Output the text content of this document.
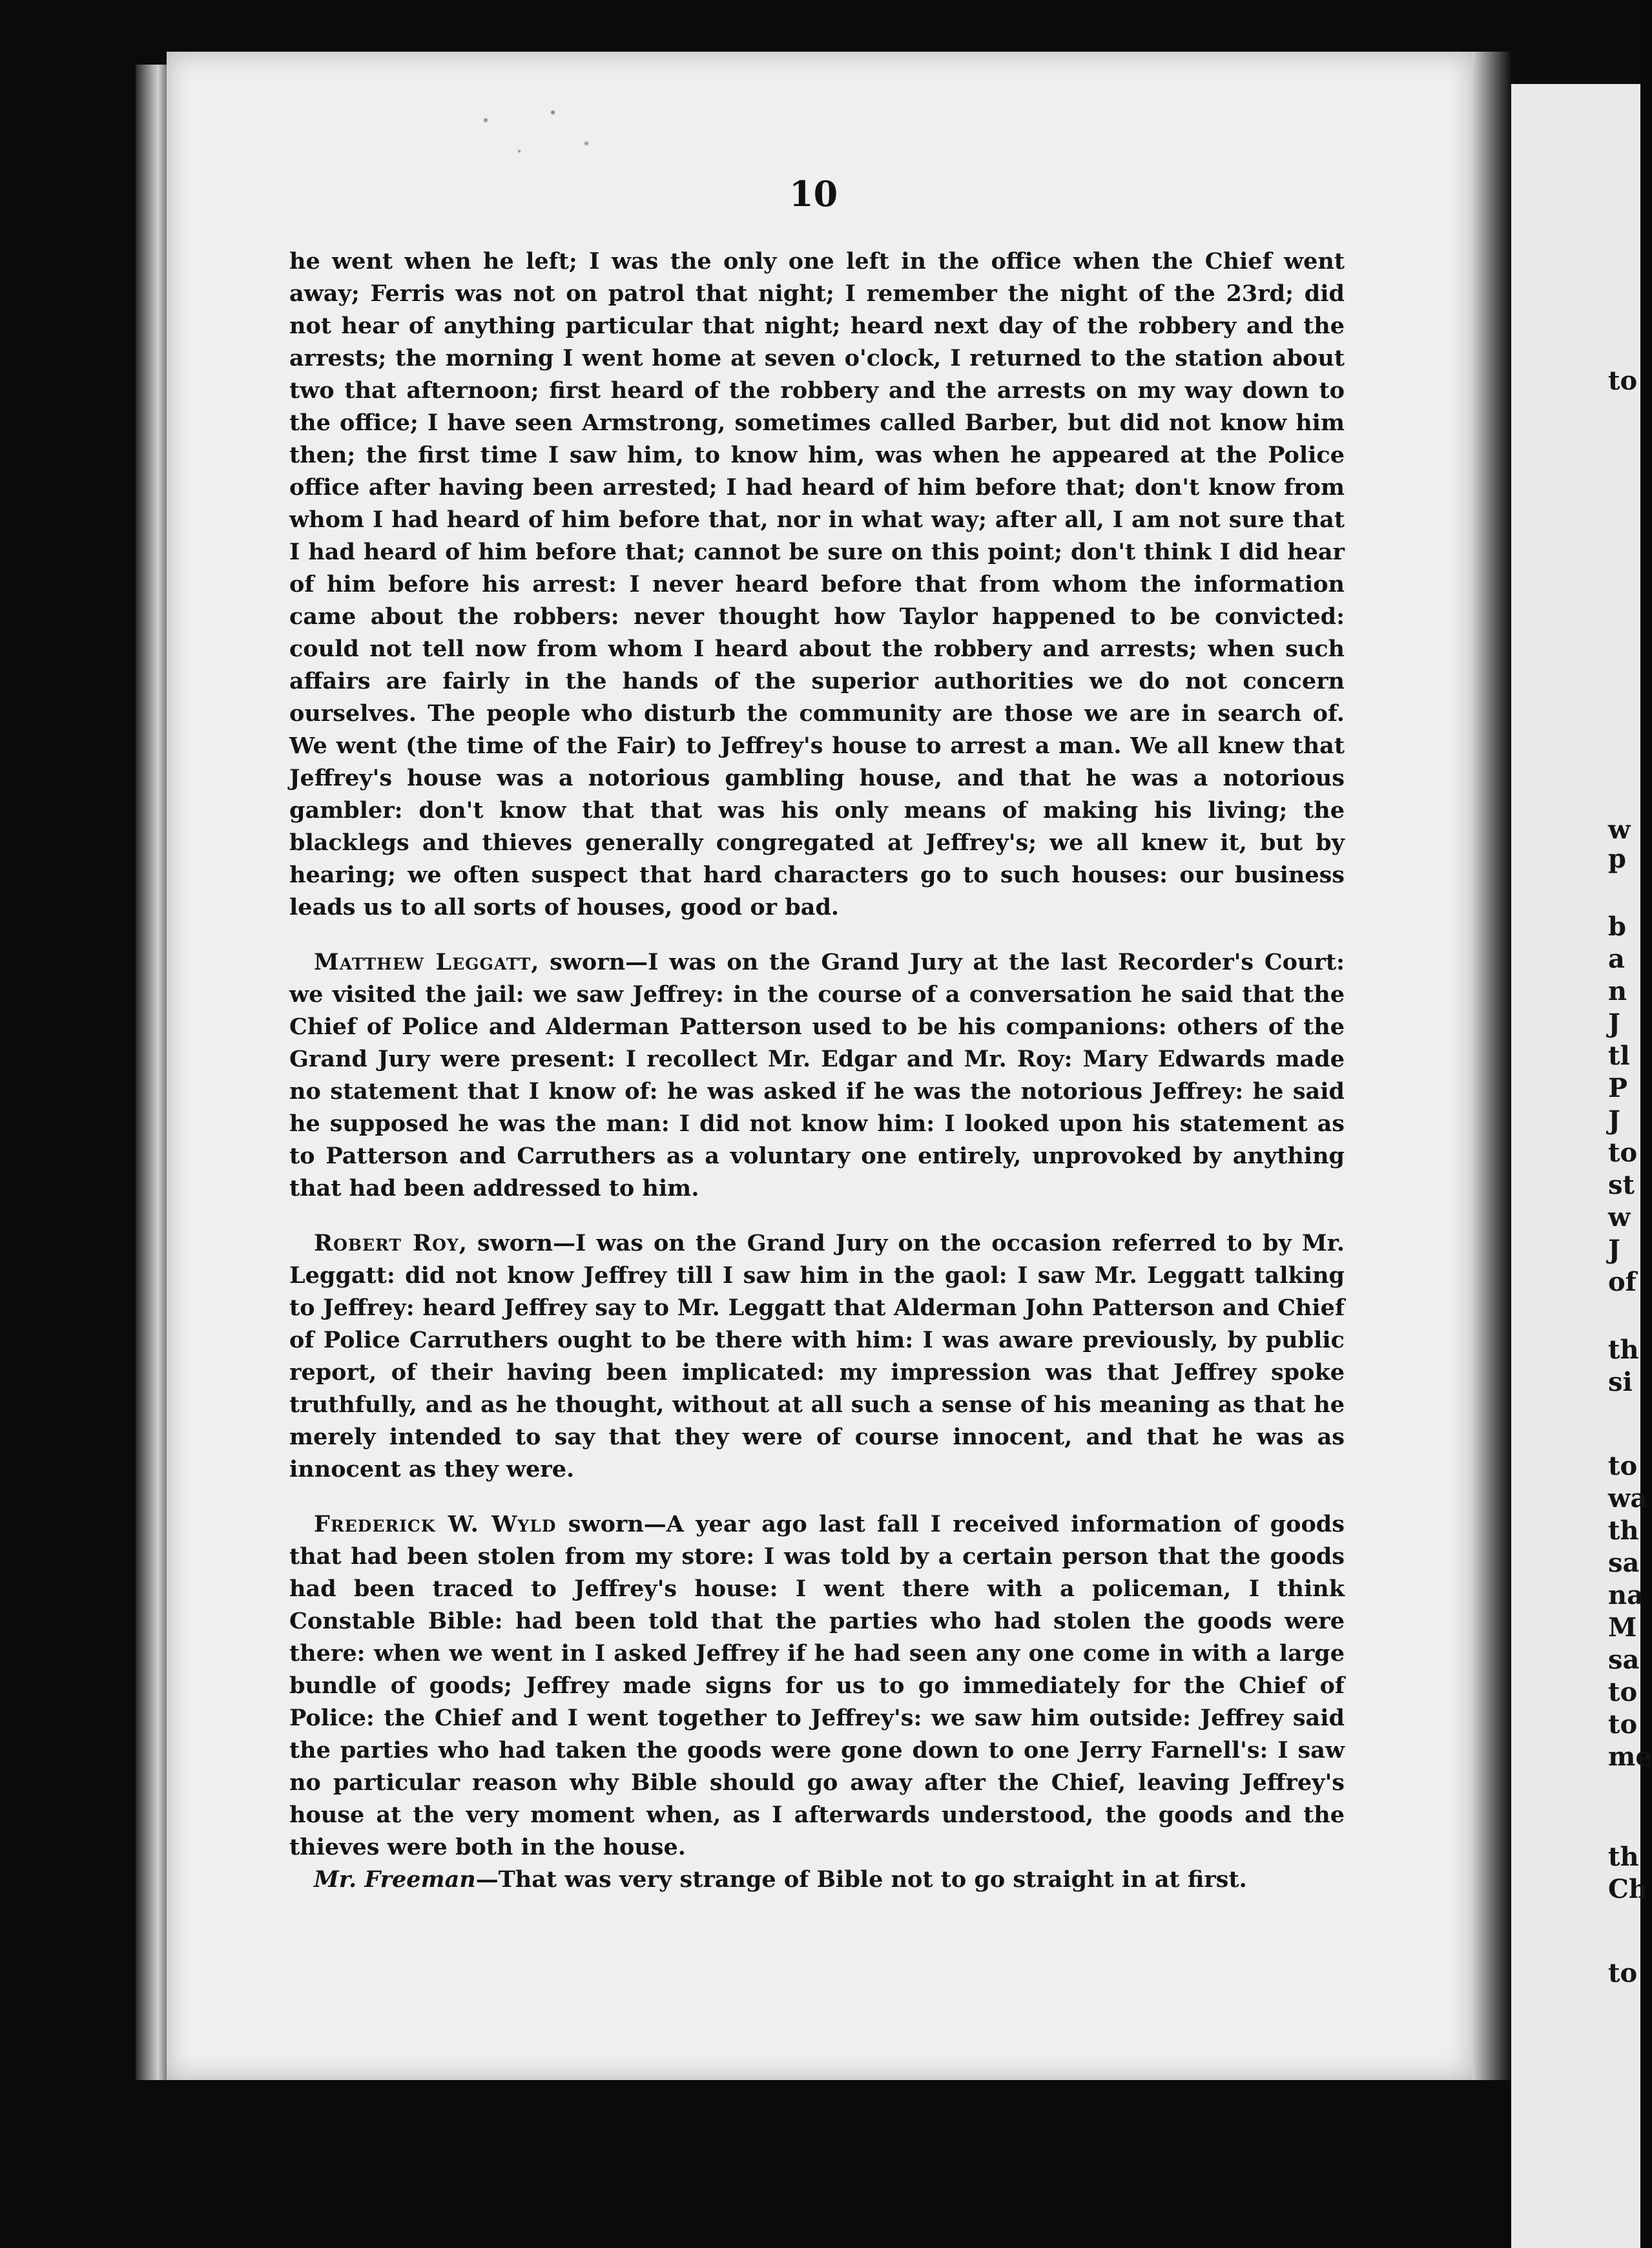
to
w
p
b
a
n
J
tl
P
J
to
st
w
J
of
th
si
to
wa
th
sa
na
M
sa
to
to
me
th
Ch
to
10

he went when he left; I was the only one left in the office when the Chief went away; Ferris was not on patrol that night; I remember the night of the 23rd; did not hear of anything particular that night; heard next day of the robbery and the arrests; the morning I went home at seven o'clock, I returned to the station about two that afternoon; first heard of the robbery and the arrests on my way down to the office; I have seen Armstrong, sometimes called Barber, but did not know him then; the first time I saw him, to know him, was when he appeared at the Police office after having been arrested; I had heard of him before that; don't know from whom I had heard of him before that, nor in what way; after all, I am not sure that I had heard of him before that; cannot be sure on this point; don't think I did hear of him before his arrest: I never heard before that from whom the information came about the robbers: never thought how Taylor happened to be convicted: could not tell now from whom I heard about the robbery and arrests; when such affairs are fairly in the hands of the superior authorities we do not concern ourselves. The people who disturb the community are those we are in search of. We went (the time of the Fair) to Jeffrey's house to arrest a man. We all knew that Jeffrey's house was a notorious gambling house, and that he was a notorious gambler: don't know that that was his only means of making his living; the blacklegs and thieves generally congregated at Jeffrey's; we all knew it, but by hearing; we often suspect that hard characters go to such houses: our business leads us to all sorts of houses, good or bad.

Matthew Leggatt, sworn—I was on the Grand Jury at the last Recorder's Court: we visited the jail: we saw Jeffrey: in the course of a conversation he said that the Chief of Police and Alderman Patterson used to be his companions: others of the Grand Jury were present: I recollect Mr. Edgar and Mr. Roy: Mary Edwards made no statement that I know of: he was asked if he was the notorious Jeffrey: he said he supposed he was the man: I did not know him: I looked upon his statement as to Patterson and Carruthers as a voluntary one entirely, unprovoked by anything that had been addressed to him.

Robert Roy, sworn—I was on the Grand Jury on the occasion referred to by Mr. Leggatt: did not know Jeffrey till I saw him in the gaol: I saw Mr. Leggatt talking to Jeffrey: heard Jeffrey say to Mr. Leggatt that Alderman John Patterson and Chief of Police Carruthers ought to be there with him: I was aware previously, by public report, of their having been implicated: my impression was that Jeffrey spoke truthfully, and as he thought, without at all such a sense of his meaning as that he merely intended to say that they were of course innocent, and that he was as innocent as they were.

Frederick W. Wyld sworn—A year ago last fall I received information of goods that had been stolen from my store: I was told by a certain person that the goods had been traced to Jeffrey's house: I went there with a policeman, I think Constable Bible: had been told that the parties who had stolen the goods were there: when we went in I asked Jeffrey if he had seen any one come in with a large bundle of goods; Jeffrey made signs for us to go immediately for the Chief of Police: the Chief and I went together to Jeffrey's: we saw him outside: Jeffrey said the parties who had taken the goods were gone down to one Jerry Farnell's: I saw no particular reason why Bible should go away after the Chief, leaving Jeffrey's house at the very moment when, as I afterwards understood, the goods and the thieves were both in the house.

Mr. Freeman—That was very strange of Bible not to go straight in at first.
